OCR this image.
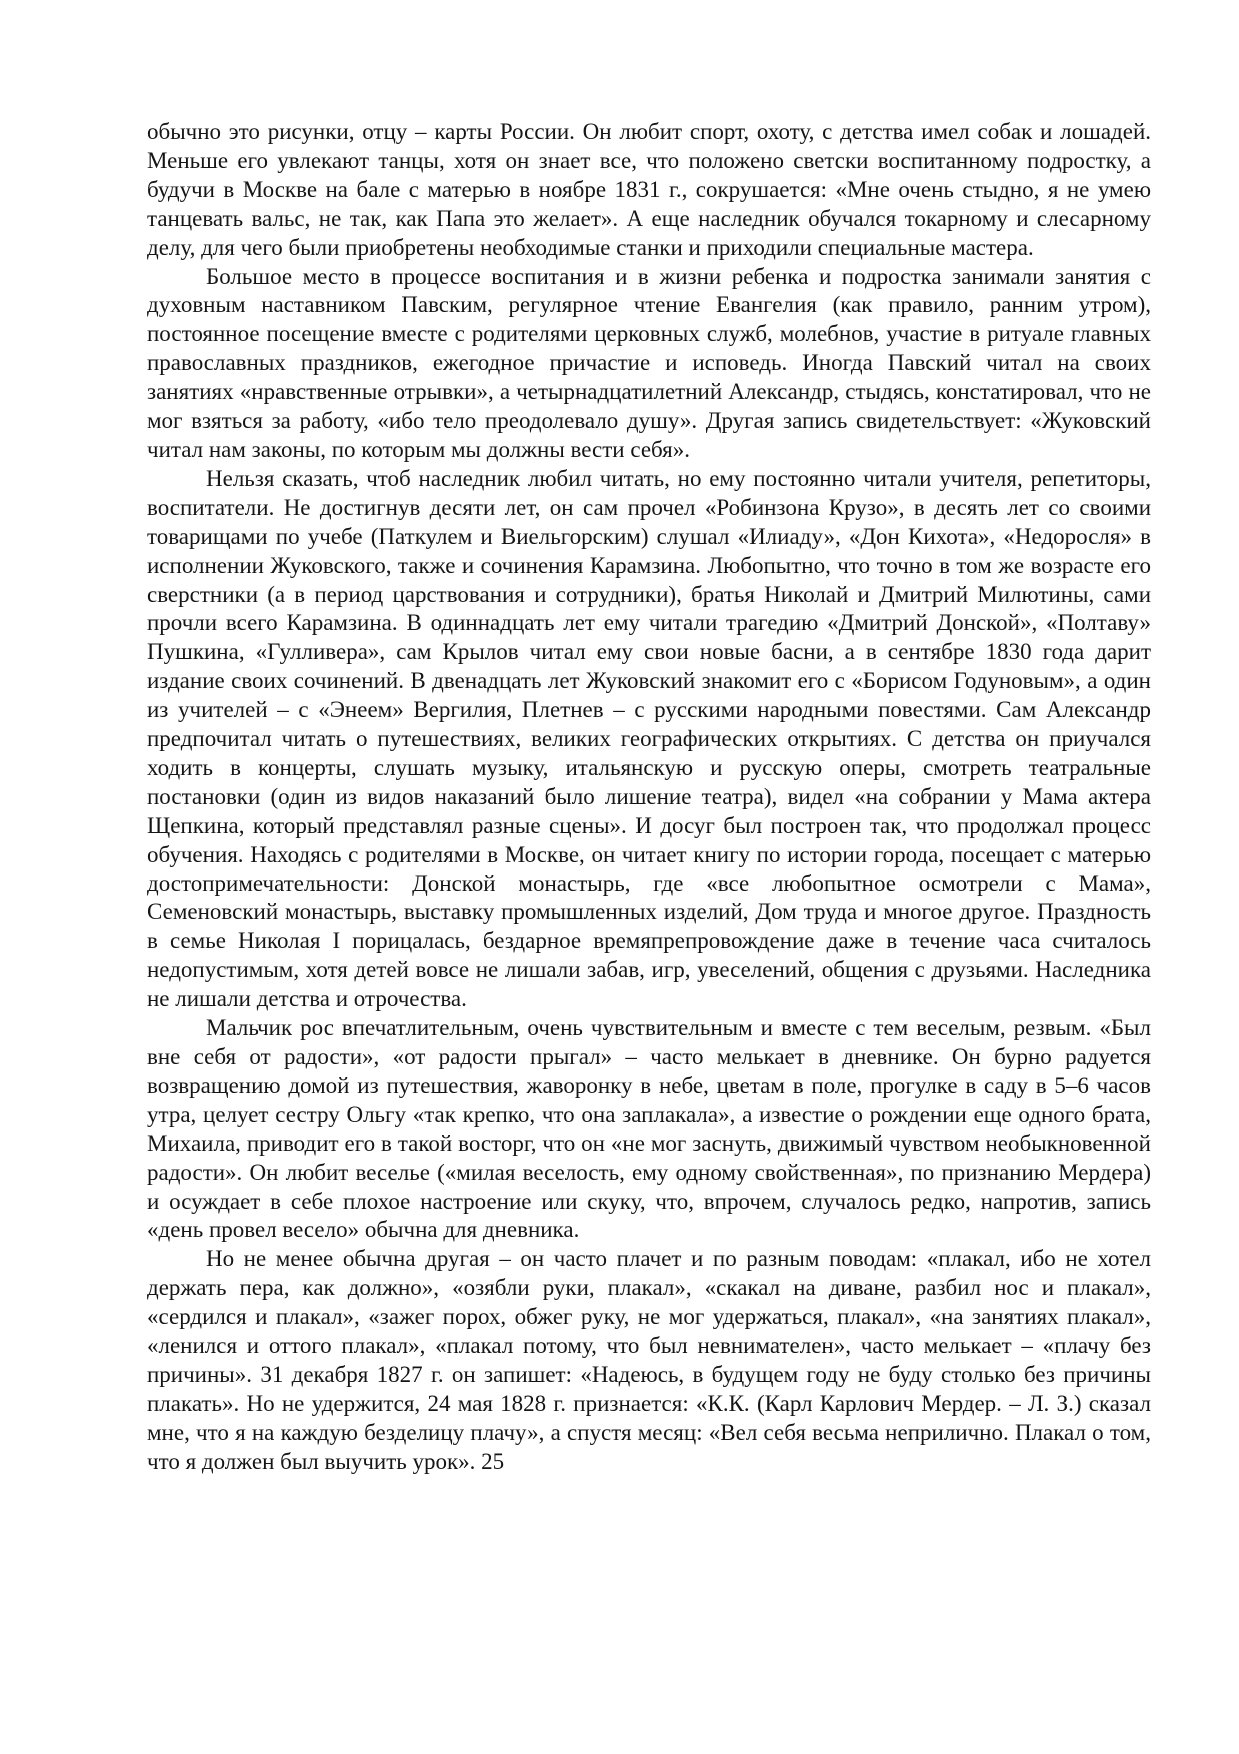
обычно это рисунки, отцу – карты России. Он любит спорт, охоту, с детства имел собак и лошадей. Меньше его увлекают танцы, хотя он знает все, что положено светски воспитанному подростку, а будучи в Москве на бале с матерью в ноябре 1831 г., сокрушается: «Мне очень стыдно, я не умею танцевать вальс, не так, как Папа это желает». А еще наследник обучался токарному и слесарному делу, для чего были приобретены необходимые станки и приходили специальные мастера.

Большое место в процессе воспитания и в жизни ребенка и подростка занимали занятия с духовным наставником Павским, регулярное чтение Евангелия (как правило, ранним утром), постоянное посещение вместе с родителями церковных служб, молебнов, участие в ритуале главных православных праздников, ежегодное причастие и исповедь. Иногда Павский читал на своих занятиях «нравственные отрывки», а четырнадцатилетний Александр, стыдясь, констатировал, что не мог взяться за работу, «ибо тело преодолевало душу». Другая запись свидетельствует: «Жуковский читал нам законы, по которым мы должны вести себя».

Нельзя сказать, чтоб наследник любил читать, но ему постоянно читали учителя, репетиторы, воспитатели. Не достигнув десяти лет, он сам прочел «Робинзона Крузо», в десять лет со своими товарищами по учебе (Паткулем и Виельгорским) слушал «Илиаду», «Дон Кихота», «Недоросля» в исполнении Жуковского, также и сочинения Карамзина. Любопытно, что точно в том же возрасте его сверстники (а в период царствования и сотрудники), братья Николай и Дмитрий Милютины, сами прочли всего Карамзина. В одиннадцать лет ему читали трагедию «Дмитрий Донской», «Полтаву» Пушкина, «Гулливера», сам Крылов читал ему свои новые басни, а в сентябре 1830 года дарит издание своих сочинений. В двенадцать лет Жуковский знакомит его с «Борисом Годуновым», а один из учителей – с «Энеем» Вергилия, Плетнев – с русскими народными повестями. Сам Александр предпочитал читать о путешествиях, великих географических открытиях. С детства он приучался ходить в концерты, слушать музыку, итальянскую и русскую оперы, смотреть театральные постановки (один из видов наказаний было лишение театра), видел «на собрании у Мама актера Щепкина, который представлял разные сцены». И досуг был построен так, что продолжал процесс обучения. Находясь с родителями в Москве, он читает книгу по истории города, посещает с матерью достопримечательности: Донской монастырь, где «все любопытное осмотрели с Мама», Семеновский монастырь, выставку промышленных изделий, Дом труда и многое другое. Праздность в семье Николая I порицалась, бездарное времяпрепровождение даже в течение часа считалось недопустимым, хотя детей вовсе не лишали забав, игр, увеселений, общения с друзьями. Наследника не лишали детства и отрочества.

Мальчик рос впечатлительным, очень чувствительным и вместе с тем веселым, резвым. «Был вне себя от радости», «от радости прыгал» – часто мелькает в дневнике. Он бурно радуется возвращению домой из путешествия, жаворонку в небе, цветам в поле, прогулке в саду в 5–6 часов утра, целует сестру Ольгу «так крепко, что она заплакала», а известие о рождении еще одного брата, Михаила, приводит его в такой восторг, что он «не мог заснуть, движимый чувством необыкновенной радости». Он любит веселье («милая веселость, ему одному свойственная», по признанию Мердера) и осуждает в себе плохое настроение или скуку, что, впрочем, случалось редко, напротив, запись «день провел весело» обычна для дневника.

Но не менее обычна другая – он часто плачет и по разным поводам: «плакал, ибо не хотел держать пера, как должно», «озябли руки, плакал», «скакал на диване, разбил нос и плакал», «сердился и плакал», «зажег порох, обжег руку, не мог удержаться, плакал», «на занятиях плакал», «ленился и оттого плакал», «плакал потому, что был невнимателен», часто мелькает – «плачу без причины». 31 декабря 1827 г. он запишет: «Надеюсь, в будущем году не буду столько без причины плакать». Но не удержится, 24 мая 1828 г. признается: «К.К. (Карл Карлович Мердер. – Л. З.) сказал мне, что я на каждую безделицу плачу», а спустя месяц: «Вел себя весьма неприлично. Плакал о том, что я должен был выучить урок». 25
